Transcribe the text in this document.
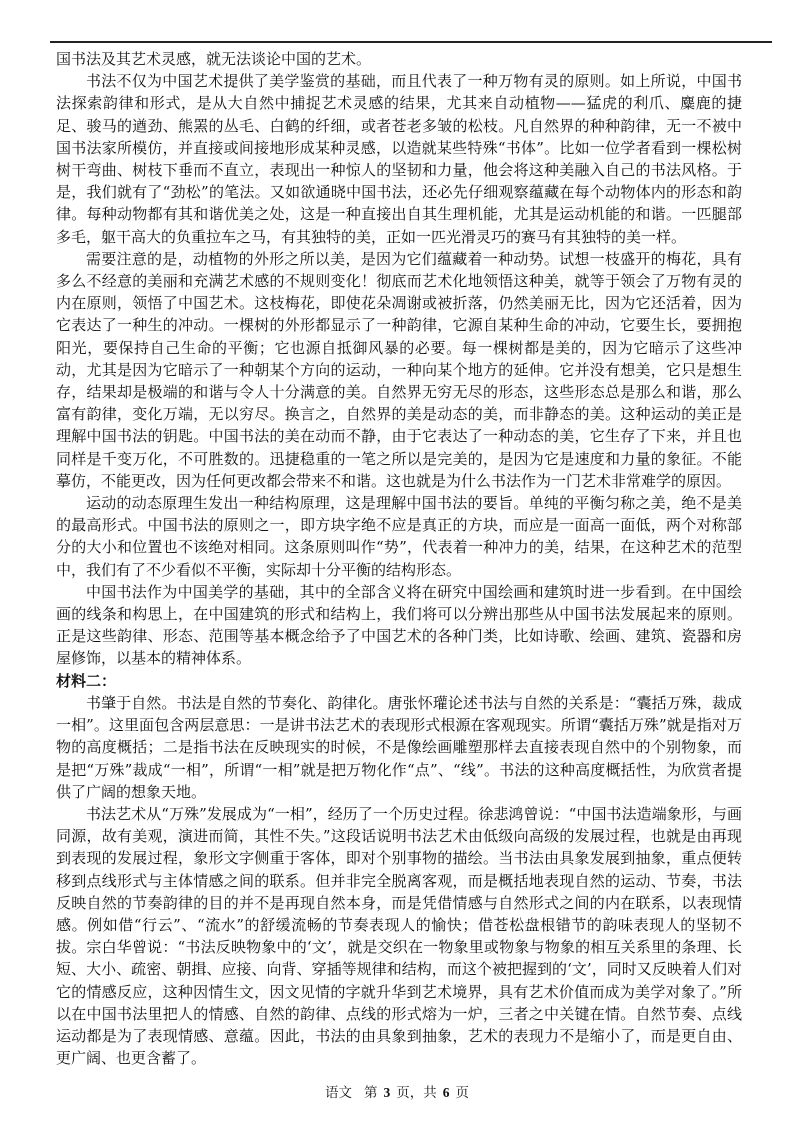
国书法及其艺术灵感，就无法谈论中国的艺术。

书法不仅为中国艺术提供了美学鉴赏的基础，而且代表了一种万物有灵的原则。如上所说，中国书法探索韵律和形式，是从大自然中捕捉艺术灵感的结果，尤其来自动植物——猛虎的利爪、麋鹿的捷足、骏马的遒劲、熊罴的丛毛、白鹤的纤细，或者苍老多皱的松枝。凡自然界的种种韵律，无一不被中国书法家所模仿，并直接或间接地形成某种灵感，以造就某些特殊“书体”。比如一位学者看到一棵松树树干弯曲、树枝下垂而不直立，表现出一种惊人的坚韧和力量，他会将这种美融入自己的书法风格。于是，我们就有了“劲松”的笔法。又如欲通晓中国书法，还必先仔细观察蕴藏在每个动物体内的形态和韵律。每种动物都有其和谐优美之处，这是一种直接出自其生理机能，尤其是运动机能的和谐。一匹腿部多毛，躯干高大的负重拉车之马，有其独特的美，正如一匹光滑灵巧的赛马有其独特的美一样。

需要注意的是，动植物的外形之所以美，是因为它们蕴藏着一种动势。试想一枝盛开的梅花，具有多么不经意的美丽和充满艺术感的不规则变化！彻底而艺术化地领悟这种美，就等于领会了万物有灵的内在原则，领悟了中国艺术。这枝梅花，即使花朵凋谢或被折落，仍然美丽无比，因为它还活着，因为它表达了一种生的冲动。一棵树的外形都显示了一种韵律，它源自某种生命的冲动，它要生长，要拥抱阳光，要保持自己生命的平衡；它也源自抵御风暴的必要。每一棵树都是美的，因为它暗示了这些冲动，尤其是因为它暗示了一种朝某个方向的运动，一种向某个地方的延伸。它并没有想美，它只是想生存，结果却是极端的和谐与令人十分满意的美。自然界无穷无尽的形态，这些形态总是那么和谐，那么富有韵律，变化万端，无以穷尽。换言之，自然界的美是动态的美，而非静态的美。这种运动的美正是理解中国书法的钥匙。中国书法的美在动而不静，由于它表达了一种动态的美，它生存了下来，并且也同样是千变万化，不可胜数的。迅捷稳重的一笔之所以是完美的，是因为它是速度和力量的象征。不能摹仿，不能更改，因为任何更改都会带来不和谐。这也就是为什么书法作为一门艺术非常难学的原因。

运动的动态原理生发出一种结构原理，这是理解中国书法的要旨。单纯的平衡匀称之美，绝不是美的最高形式。中国书法的原则之一，即方块字绝不应是真正的方块，而应是一面高一面低，两个对称部分的大小和位置也不该绝对相同。这条原则叫作“势”，代表着一种冲力的美，结果，在这种艺术的范型中，我们有了不少看似不平衡，实际却十分平衡的结构形态。

中国书法作为中国美学的基础，其中的全部含义将在研究中国绘画和建筑时进一步看到。在中国绘画的线条和构思上，在中国建筑的形式和结构上，我们将可以分辨出那些从中国书法发展起来的原则。正是这些韵律、形态、范围等基本概念给予了中国艺术的各种门类，比如诗歌、绘画、建筑、瓷器和房屋修饰，以基本的精神体系。

材料二：

书肇于自然。书法是自然的节奏化、韵律化。唐张怀瓘论述书法与自然的关系是：“囊括万殊，裁成一相”。这里面包含两层意思：一是讲书法艺术的表现形式根源在客观现实。所谓“囊括万殊”就是指对万物的高度概括；二是指书法在反映现实的时候，不是像绘画雕塑那样去直接表现自然中的个别物象，而是把“万殊”裁成“一相”，所谓“一相”就是把万物化作“点”、“线”。书法的这种高度概括性，为欣赏者提供了广阔的想象天地。

书法艺术从“万殊”发展成为“一相”，经历了一个历史过程。徐悲鸿曾说：“中国书法造端象形，与画同源，故有美观，演进而简，其性不失。”这段话说明书法艺术由低级向高级的发展过程，也就是由再现到表现的发展过程，象形文字侧重于客体，即对个别事物的描绘。当书法由具象发展到抽象，重点便转移到点线形式与主体情感之间的联系。但并非完全脱离客观，而是概括地表现自然的运动、节奏，书法反映自然的节奏韵律的目的并不是再现自然本身，而是凭借情感与自然形式之间的内在联系，以表现情感。例如借“行云”、“流水”的舒缓流畅的节奏表现人的愉快；借苍松盘根错节的韵味表现人的坚韧不拔。宗白华曾说：“书法反映物象中的‘文’，就是交织在一物象里或物象与物象的相互关系里的条理、长短、大小、疏密、朝揖、应接、向背、穿插等规律和结构，而这个被把握到的‘文’，同时又反映着人们对它的情感反应，这种因情生文，因文见情的字就升华到艺术境界，具有艺术价值而成为美学对象了。”所以在中国书法里把人的情感、自然的韵律、点线的形式熔为一炉，三者之中关键在情。自然节奏、点线运动都是为了表现情感、意蕴。因此，书法的由具象到抽象，艺术的表现力不是缩小了，而是更自由、更广阔、也更含蓄了。

语文 第 3 页，共 6 页
